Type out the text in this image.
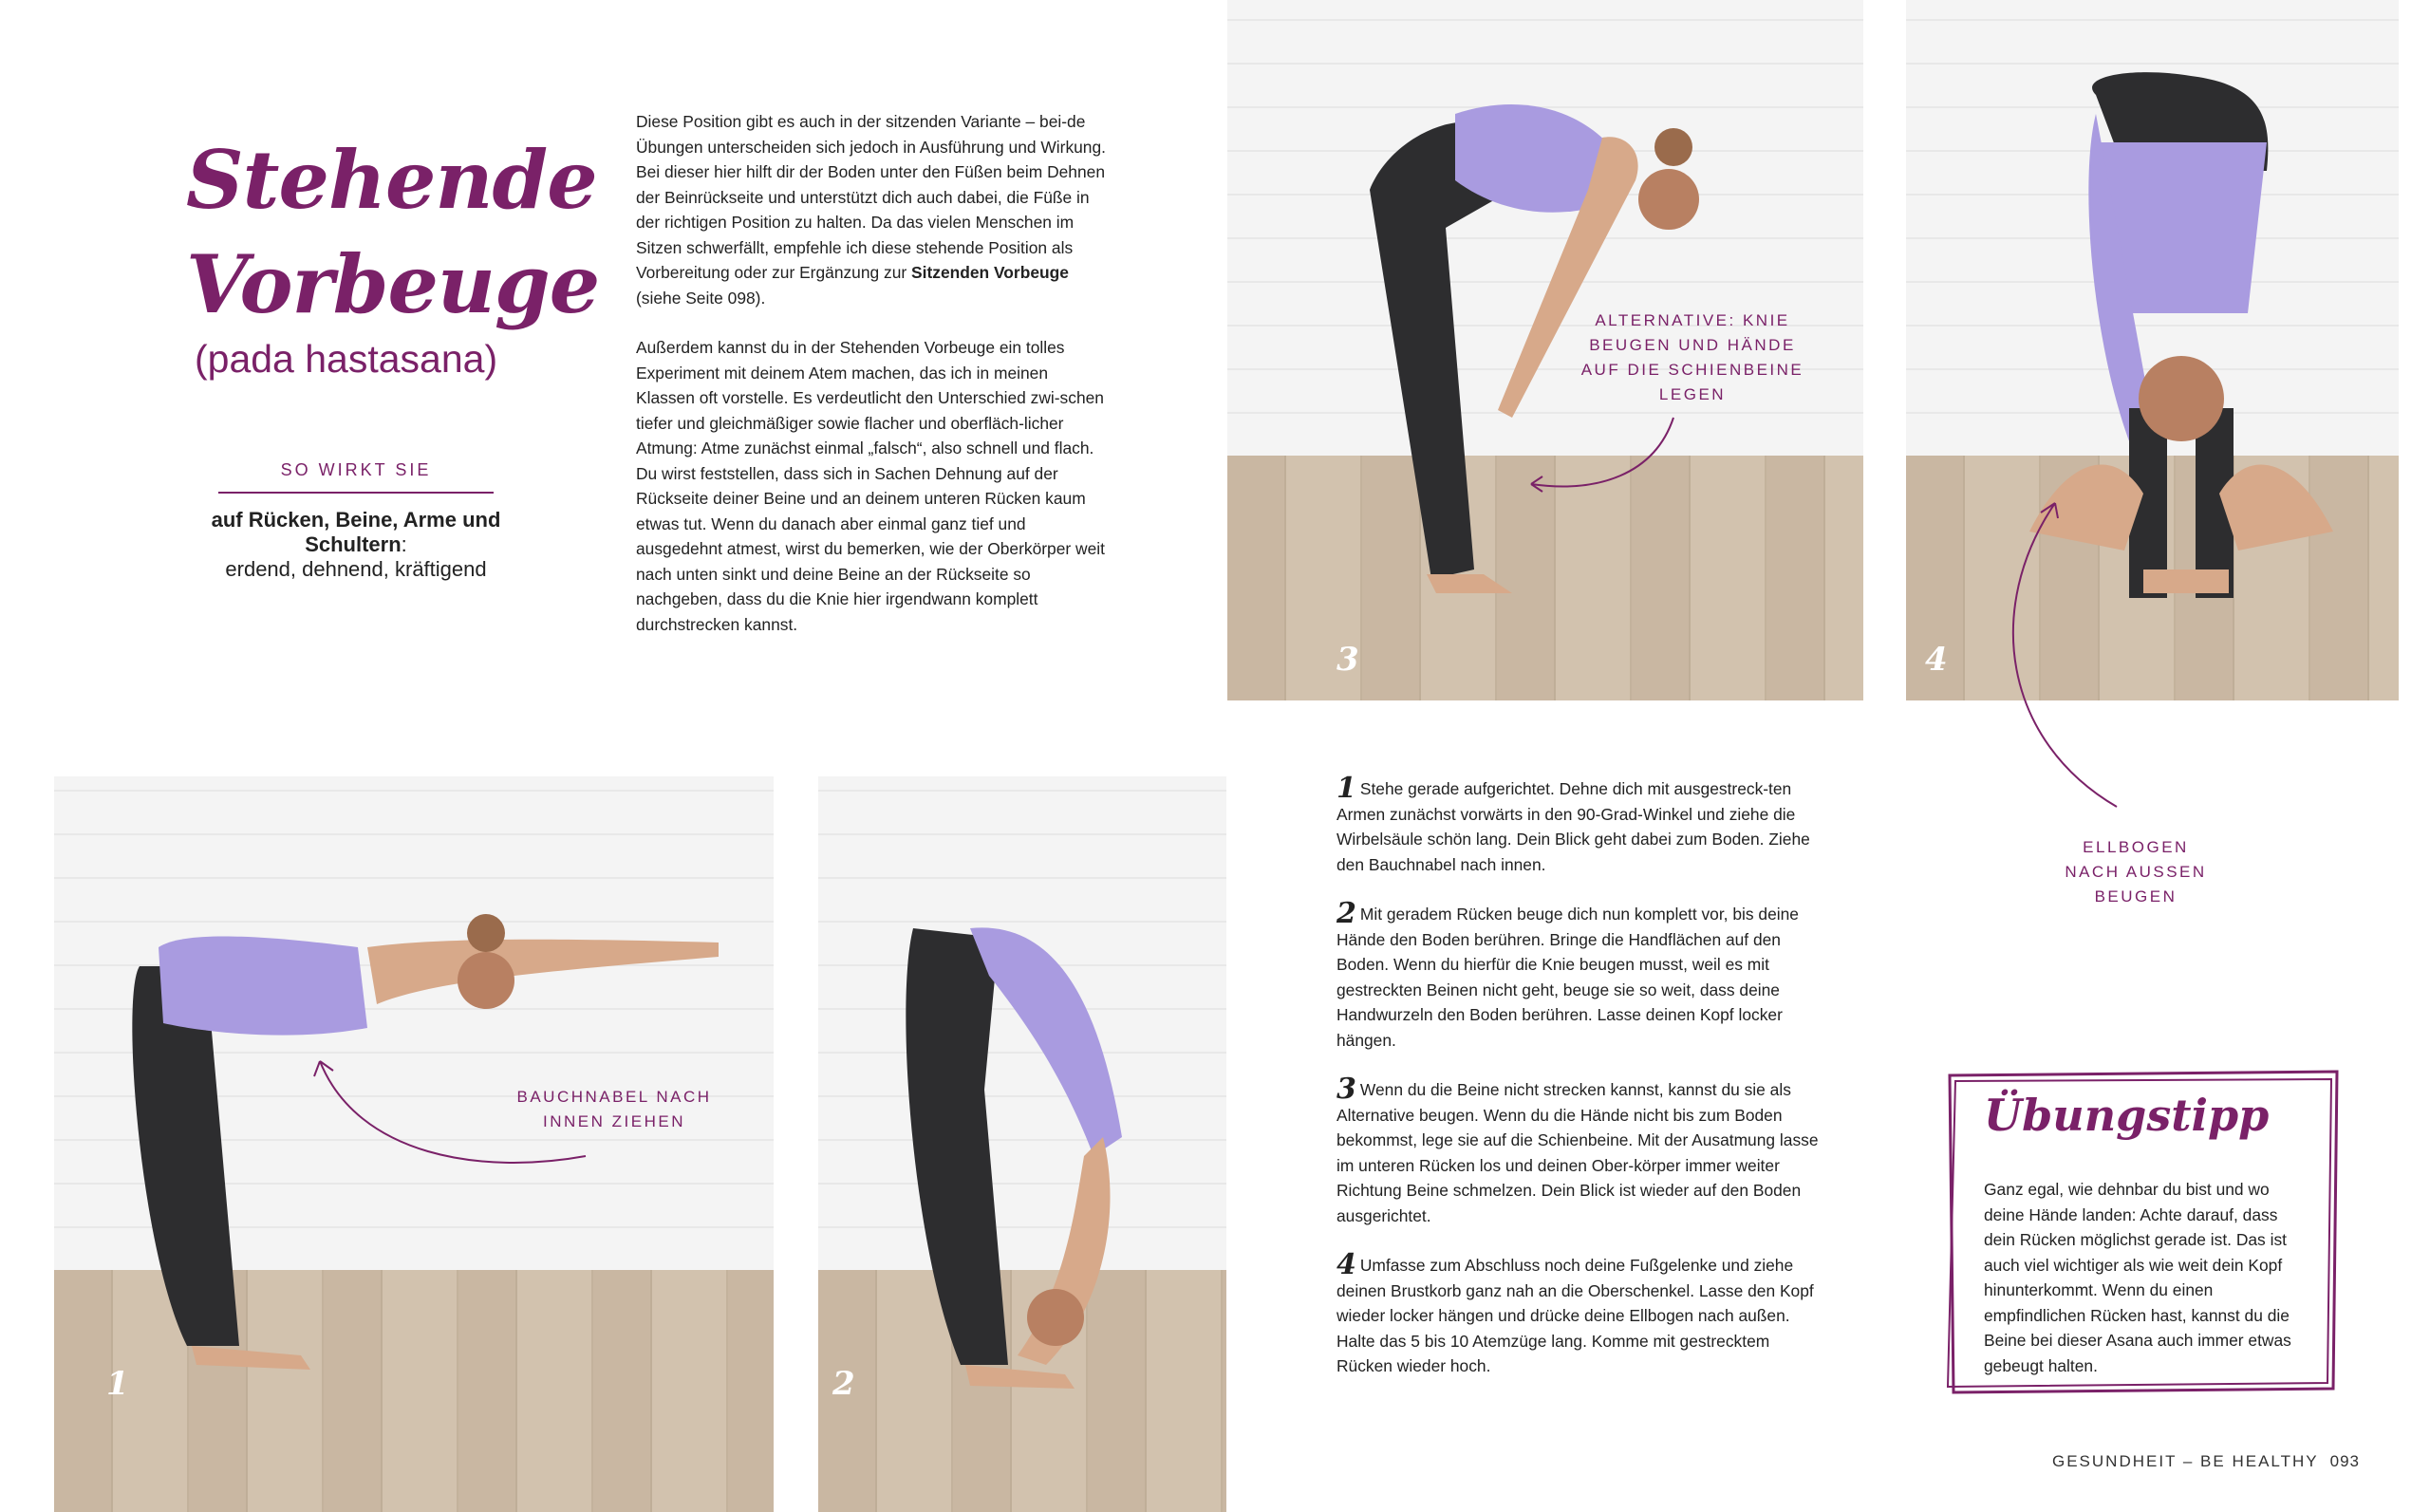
Stehende
Vorbeuge
(pada hastasana)
SO WIRKT SIE
auf Rücken, Beine, Arme und Schultern:
erdend, dehnend, kräftigend

Diese Position gibt es auch in der sitzenden Variante – bei-de Übungen unterscheiden sich jedoch in Ausführung und Wirkung. Bei dieser hier hilft dir der Boden unter den Füßen beim Dehnen der Beinrückseite und unterstützt dich auch dabei, die Füße in der richtigen Position zu halten. Da das vielen Menschen im Sitzen schwerfällt, empfehle ich diese stehende Position als Vorbereitung oder zur Ergänzung zur Sitzenden Vorbeuge (siehe Seite 098).

Außerdem kannst du in der Stehenden Vorbeuge ein tolles Experiment mit deinem Atem machen, das ich in meinen Klassen oft vorstelle. Es verdeutlicht den Unterschied zwi-schen tiefer und gleichmäßiger sowie flacher und oberfläch-licher Atmung: Atme zunächst einmal „falsch“, also schnell und flach. Du wirst feststellen, dass sich in Sachen Dehnung auf der Rückseite deiner Beine und an deinem unteren Rücken kaum etwas tut. Wenn du danach aber einmal ganz tief und ausgedehnt atmest, wirst du bemerken, wie der Oberkörper weit nach unten sinkt und deine Beine an der Rückseite so nachgeben, dass du die Knie hier irgendwann komplett durchstrecken kannst.

3
ALTERNATIVE: KNIE
BEUGEN UND HÄNDE
AUF DIE SCHIENBEINE
LEGEN
4
ELLBOGEN
NACH AUSSEN
BEUGEN
1
BAUCHNABEL NACH
INNEN ZIEHEN
2
1 Stehe gerade aufgerichtet. Dehne dich mit ausgestreck-ten Armen zunächst vorwärts in den 90-Grad-Winkel und ziehe die Wirbelsäule schön lang. Dein Blick geht dabei zum Boden. Ziehe den Bauchnabel nach innen.
2 Mit geradem Rücken beuge dich nun komplett vor, bis deine Hände den Boden berühren. Bringe die Handflächen auf den Boden. Wenn du hierfür die Knie beugen musst, weil es mit gestreckten Beinen nicht geht, beuge sie so weit, dass deine Handwurzeln den Boden berühren. Lasse deinen Kopf locker hängen.
3 Wenn du die Beine nicht strecken kannst, kannst du sie als Alternative beugen. Wenn du die Hände nicht bis zum Boden bekommst, lege sie auf die Schienbeine. Mit der Ausatmung lasse im unteren Rücken los und deinen Ober-körper immer weiter Richtung Beine schmelzen. Dein Blick ist wieder auf den Boden ausgerichtet.
4 Umfasse zum Abschluss noch deine Fußgelenke und ziehe deinen Brustkorb ganz nah an die Oberschenkel. Lasse den Kopf wieder locker hängen und drücke deine Ellbogen nach außen. Halte das 5 bis 10 Atemzüge lang. Komme mit gestrecktem Rücken wieder hoch.
Übungstipp
Ganz egal, wie dehnbar du bist und wo deine Hände landen: Achte darauf, dass dein Rücken möglichst gerade ist. Das ist auch viel wichtiger als wie weit dein Kopf hinunterkommt. Wenn du einen empfindlichen Rücken hast, kannst du die Beine bei dieser Asana auch immer etwas gebeugt halten.
GESUNDHEIT – BE HEALTHY 093
